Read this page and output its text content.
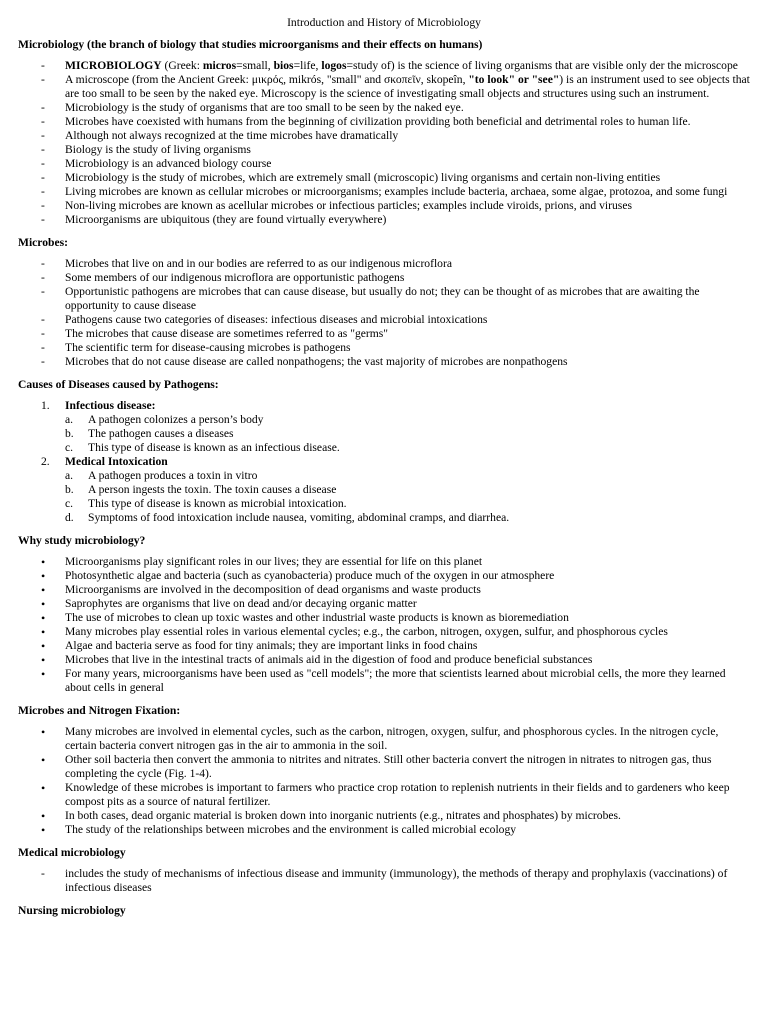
Introduction and History of Microbiology
Microbiology (the branch of biology that studies microorganisms and their effects on humans)
- MICROBIOLOGY (Greek: micros=small, bios=life, logos=study of) is the science of living organisms that are visible only der the microscope
- A microscope (from the Ancient Greek: μικρός, mikrós, "small" and σκοπεῖν, skopeîn, "to look" or "see") is an instrument used to see objects that are too small to be seen by the naked eye. Microscopy is the science of investigating small objects and structures using such an instrument.
- Microbiology is the study of organisms that are too small to be seen by the naked eye.
- Microbes have coexisted with humans from the beginning of civilization providing both beneficial and detrimental roles to human life.
- Although not always recognized at the time microbes have dramatically
- Biology is the study of living organisms
- Microbiology is an advanced biology course
- Microbiology is the study of microbes, which are extremely small (microscopic) living organisms and certain non-living entities
- Living microbes are known as cellular microbes or microorganisms; examples include bacteria, archaea, some algae, protozoa, and some fungi
- Non-living microbes are known as acellular microbes or infectious particles; examples include viroids, prions, and viruses
- Microorganisms are ubiquitous (they are found virtually everywhere)
Microbes:
- Microbes that live on and in our bodies are referred to as our indigenous microflora
- Some members of our indigenous microflora are opportunistic pathogens
- Opportunistic pathogens are microbes that can cause disease, but usually do not; they can be thought of as microbes that are awaiting the opportunity to cause disease
- Pathogens cause two categories of diseases: infectious diseases and microbial intoxications
- The microbes that cause disease are sometimes referred to as "germs"
- The scientific term for disease-causing microbes is pathogens
- Microbes that do not cause disease are called nonpathogens; the vast majority of microbes are nonpathogens
Causes of Diseases caused by Pathogens:
1. Infectious disease:
a. A pathogen colonizes a person’s body
b. The pathogen causes a diseases
c. This type of disease is known as an infectious disease.
2. Medical Intoxication
a. A pathogen produces a toxin in vitro
b. A person ingests the toxin. The toxin causes a disease
c. This type of disease is known as microbial intoxication.
d. Symptoms of food intoxication include nausea, vomiting, abdominal cramps, and diarrhea.
Why study microbiology?
• Microorganisms play significant roles in our lives; they are essential for life on this planet
• Photosynthetic algae and bacteria (such as cyanobacteria) produce much of the oxygen in our atmosphere
• Microorganisms are involved in the decomposition of dead organisms and waste products
• Saprophytes are organisms that live on dead and/or decaying organic matter
• The use of microbes to clean up toxic wastes and other industrial waste products is known as bioremediation
• Many microbes play essential roles in various elemental cycles; e.g., the carbon, nitrogen, oxygen, sulfur, and phosphorous cycles
• Algae and bacteria serve as food for tiny animals; they are important links in food chains
• Microbes that live in the intestinal tracts of animals aid in the digestion of food and produce beneficial substances
• For many years, microorganisms have been used as "cell models"; the more that scientists learned about microbial cells, the more they learned about cells in general
Microbes and Nitrogen Fixation:
• Many microbes are involved in elemental cycles, such as the carbon, nitrogen, oxygen, sulfur, and phosphorous cycles. In the nitrogen cycle, certain bacteria convert nitrogen gas in the air to ammonia in the soil.
• Other soil bacteria then convert the ammonia to nitrites and nitrates. Still other bacteria convert the nitrogen in nitrates to nitrogen gas, thus completing the cycle (Fig. 1-4).
• Knowledge of these microbes is important to farmers who practice crop rotation to replenish nutrients in their fields and to gardeners who keep compost pits as a source of natural fertilizer.
• In both cases, dead organic material is broken down into inorganic nutrients (e.g., nitrates and phosphates) by microbes.
• The study of the relationships between microbes and the environment is called microbial ecology
Medical microbiology
- includes the study of mechanisms of infectious disease and immunity (immunology), the methods of therapy and prophylaxis (vaccinations) of infectious diseases
Nursing microbiology
